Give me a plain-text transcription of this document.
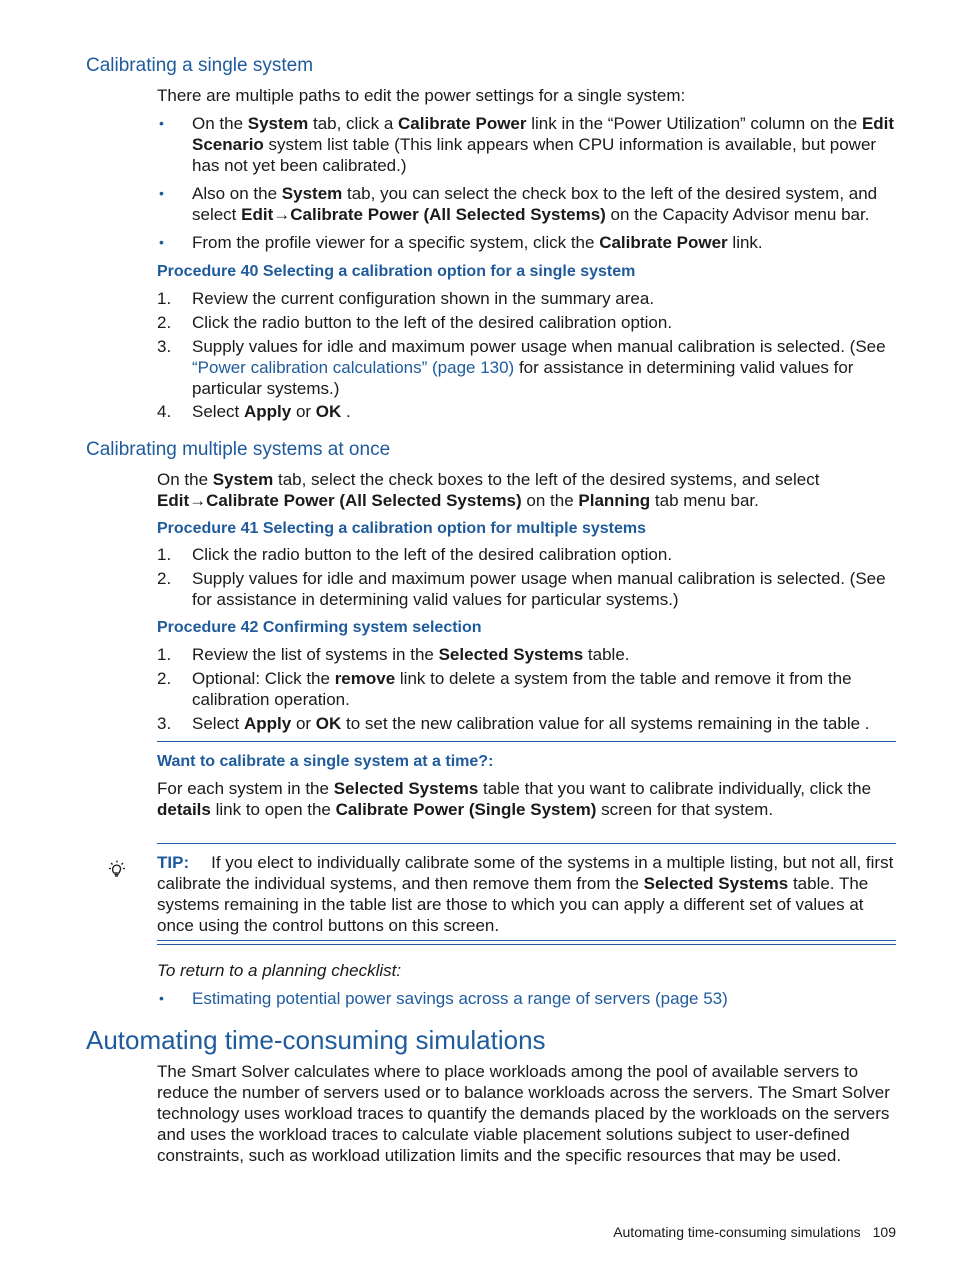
Calibrating a single system

There are multiple paths to edit the power settings for a single system:

• On the System tab, click a Calibrate Power link in the “Power Utilization” column on the Edit Scenario system list table (This link appears when CPU information is available, but power has not yet been calibrated.)
• Also on the System tab, you can select the check box to the left of the desired system, and select Edit→Calibrate Power (All Selected Systems) on the Capacity Advisor menu bar.
• From the profile viewer for a specific system, click the Calibrate Power link.

Procedure 40 Selecting a calibration option for a single system

1.	Review the current configuration shown in the summary area.
2.	Click the radio button to the left of the desired calibration option.
3.	Supply values for idle and maximum power usage when manual calibration is selected. (See “Power calibration calculations” (page 130) for assistance in determining valid values for particular systems.)
4.	Select Apply or OK .
Calibrating multiple systems at once

On the System tab, select the check boxes to the left of the desired systems, and select Edit→Calibrate Power (All Selected Systems) on the Planning tab menu bar.

Procedure 41 Selecting a calibration option for multiple systems

1.	Click the radio button to the left of the desired calibration option.
2.	Supply values for idle and maximum power usage when manual calibration is selected. (See for assistance in determining valid values for particular systems.)

Procedure 42 Confirming system selection

1.	Review the list of systems in the Selected Systems table.
2.	Optional: Click the remove link to delete a system from the table and remove it from the calibration operation.
3.	Select Apply or OK to set the new calibration value for all systems remaining in the table .

Want to calibrate a single system at a time?:

For each system in the Selected Systems table that you want to calibrate individually, click the details link to open the Calibrate Power (Single System) screen for that system.

TIP: If you elect to individually calibrate some of the systems in a multiple listing, but not all, first calibrate the individual systems, and then remove them from the Selected Systems table. The systems remaining in the table list are those to which you can apply a different set of values at once using the control buttons on this screen.

To return to a planning checklist:

• Estimating potential power savings across a range of servers (page 53)
Automating time-consuming simulations

The Smart Solver calculates where to place workloads among the pool of available servers to reduce the number of servers used or to balance workloads across the servers. The Smart Solver technology uses workload traces to quantify the demands placed by the workloads on the servers and uses the workload traces to calculate viable placement solutions subject to user-defined constraints, such as workload utilization limits and the specific resources that may be used.

Automating time-consuming simulations 109
